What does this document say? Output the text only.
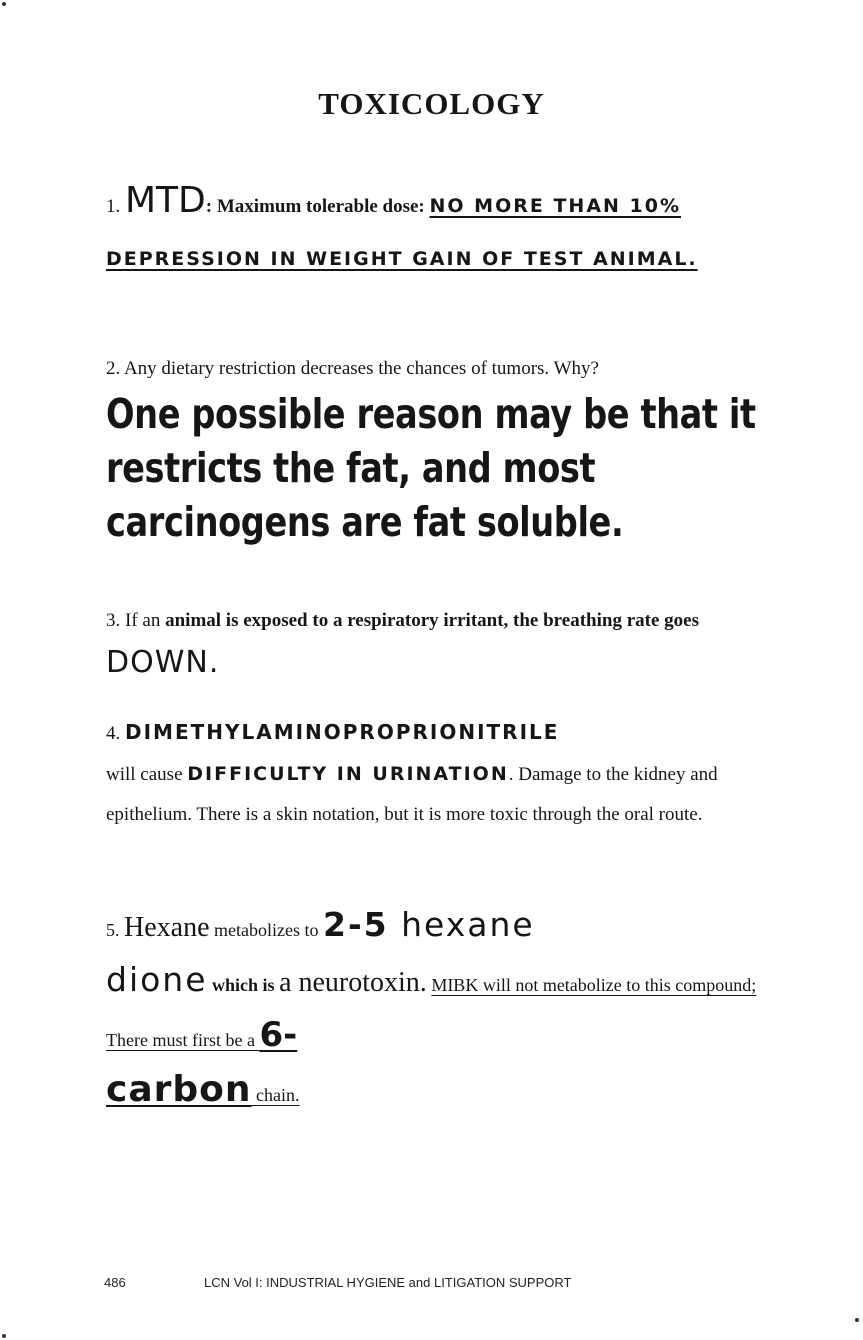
TOXICOLOGY
1. MTD: Maximum tolerable dose: NO MORE THAN 10% DEPRESSION IN WEIGHT GAIN OF TEST ANIMAL.
2. Any dietary restriction decreases the chances of tumors. Why?
One possible reason may be that it restricts the fat, and most carcinogens are fat soluble.
3. If an animal is exposed to a respiratory irritant, the breathing rate goes DOWN.
4. DIMETHYLAMINOPROPRIONITRILE
will cause DIFFICULTY IN URINATION. Damage to the kidney and epithelium. There is a skin notation, but it is more toxic through the oral route.
5. Hexane metabolizes to 2-5 hexane
dione which is a neurotoxin. MIBK will not metabolize to this compound; There must first be a 6-
carbon chain.
486	LCN Vol I: INDUSTRIAL HYGIENE and LITIGATION SUPPORT
